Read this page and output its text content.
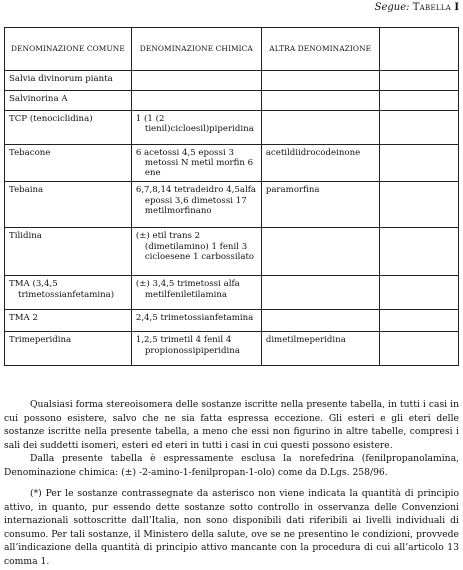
Segue: Tabella I
DENOMINAZIONE COMUNE	DENOMINAZIONE CHIMICA	ALTRA DENOMINAZIONE	

Salvia divinorum pianta			

Salvinorina A			

TCP (tenociclidina)	1 (1 (2 tienil)cicloesil)piperidina		

Tebacone	6 acetossi 4,5 epossi 3 metossi N metil morfin 6 ene	acetildiidrocodeinone	

Tebaina	6,7,8,14 tetradeidro 4,5alfa epossi 3,6 dimetossi 17 metilmorfinano	paramorfina	

Tilidina	(±) etil trans 2 (dimetilamino) 1 fenil 3 cicloesene 1 carbossilato		

TMA (3,4,5 trimetossianfetamina)	(±) 3,4,5 trimetossi alfa metilfeniletilamina		

TMA 2	2,4,5 trimetossianfetamina		

Trimeperidina	1,2,5 trimetil 4 fenil 4 propionossipiperidina	dimetilmeperidina	

Qualsiasi forma stereoisomera delle sostanze iscritte nella presente tabella, in tutti i casi in cui possono esistere, salvo che ne sia fatta espressa eccezione. Gli esteri e gli eteri delle sostanze iscritte nella presente tabella, a meno che essi non figurino in altre tabelle, compresi i sali dei suddetti isomeri, esteri ed eteri in tutti i casi in cui questi possono esistere.

Dalla presente tabella è espressamente esclusa la norefedrina (fenilpropanolamina, Denominazione chimica: (±) -2-amino-1-fenilpropan-1-olo) come da D.Lgs. 258/96.

(*) Per le sostanze contrassegnate da asterisco non viene indicata la quantità di principio attivo, in quanto, pur essendo dette sostanze sotto controllo in osservanza delle Convenzioni internazionali sottoscritte dall’Italia, non sono disponibili dati riferibili ai livelli individuali di consumo. Per tali sostanze, il Ministero della salute, ove se ne presentino le condizioni, provvede all’indicazione della quantità di principio attivo mancante con la procedura di cui all’articolo 13 comma 1.
